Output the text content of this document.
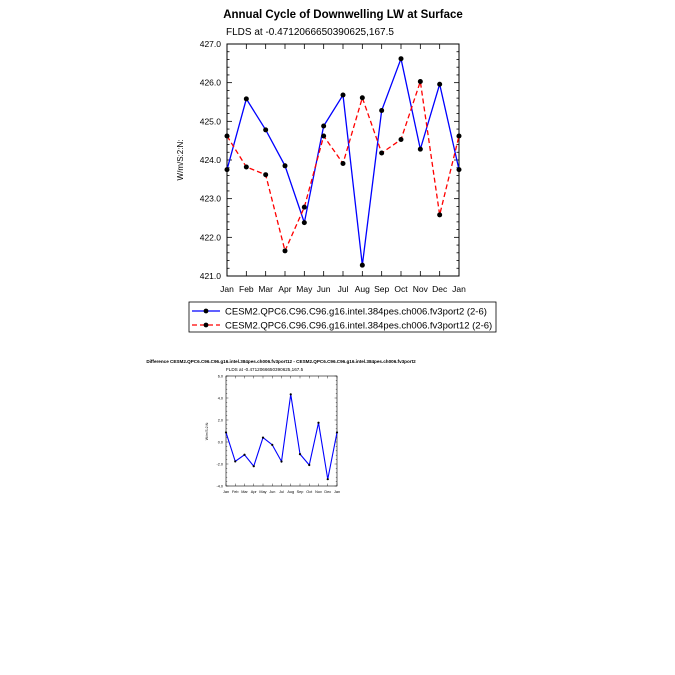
Annual Cycle of Downwelling LW at Surface
FLDS at -0.4712066650390625,167.5
W/m/S:2:N:
Jan Feb Mar Apr May Jun Jul Aug Sep Oct Nov Dec Jan
421.0
422.0
423.0
424.0
425.0
426.0
427.0
CESM2.QPC6.C96.C96.g16.intel.384pes.ch006.fv3port2 (2-6)
CESM2.QPC6.C96.C96.g16.intel.384pes.ch006.fv3port12 (2-6)
Difference CESM2.QPC6.C96.C96.g16.intel.384pes.ch006.fv3port12 - CESM2.QPC6.C96.C96.g16.intel.384pes.ch006.fv3port2
FLDS at -0.4712066650390625,167.5
W/m/S:2:N:
Jan Feb Mar Apr May Jun Jul Aug Sep Oct Nov Dec Jan
-4.0
-2.0
0.0
2.0
4.0
6.0
